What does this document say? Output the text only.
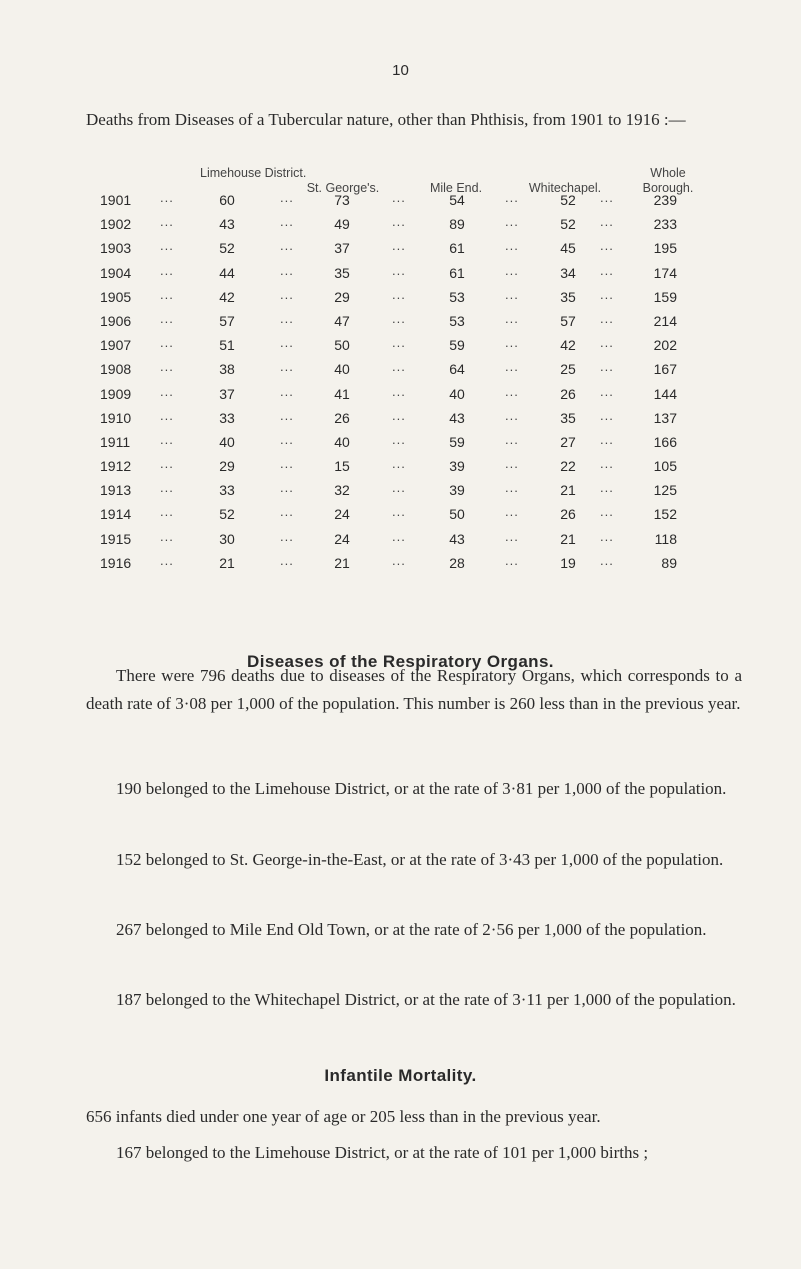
10
Deaths from Diseases of a Tubercular nature, other than Phthisis, from 1901 to 1916 :—
Limehouse District.
St. George's.	Mile End.	Whitechapel.
Whole Borough.
1901	60	73	54	52	239
...	...	...	...	...
1902	43	49	89	52	233
...	...	...	...	...
1903	52	37	61	45	195
...	...	...	...	...
1904	44	35	61	34	174
...	...	...	...	...
1905	42	29	53	35	159
...	...	...	...	...
1906	57	47	53	57	214
...	...	...	...	...
1907	51	50	59	42	202
...	...	...	...	...
1908	38	40	64	25	167
...	...	...	...	...
1909	37	41	40	26	144
...	...	...	...	...
1910	33	26	43	35	137
...	...	...	...	...
1911	40	40	59	27	166
...	...	...	...	...
1912	29	15	39	22	105
...	...	...	...	...
1913	33	32	39	21	125
...	...	...	...	...
1914	52	24	50	26	152
...	...	...	...	...
1915	30	24	43	21	118
...	...	...	...	...
1916	21	21	28	19	89
...	...	...	...	...
Diseases of the Respiratory Organs.
There were 796 deaths due to diseases of the Respiratory Organs, which corresponds to a death rate of 3·08 per 1,000 of the population. This number is 260 less than in the previous year.
190 belonged to the Limehouse District, or at the rate of 3·81 per 1,000 of the population.
152 belonged to St. George-in-the-East, or at the rate of 3·43 per 1,000 of the population.
267 belonged to Mile End Old Town, or at the rate of 2·56 per 1,000 of the population.
187 belonged to the Whitechapel District, or at the rate of 3·11 per 1,000 of the population.
Infantile Mortality.
656 infants died under one year of age or 205 less than in the previous year.
167 belonged to the Limehouse District, or at the rate of 101 per 1,000 births ;
